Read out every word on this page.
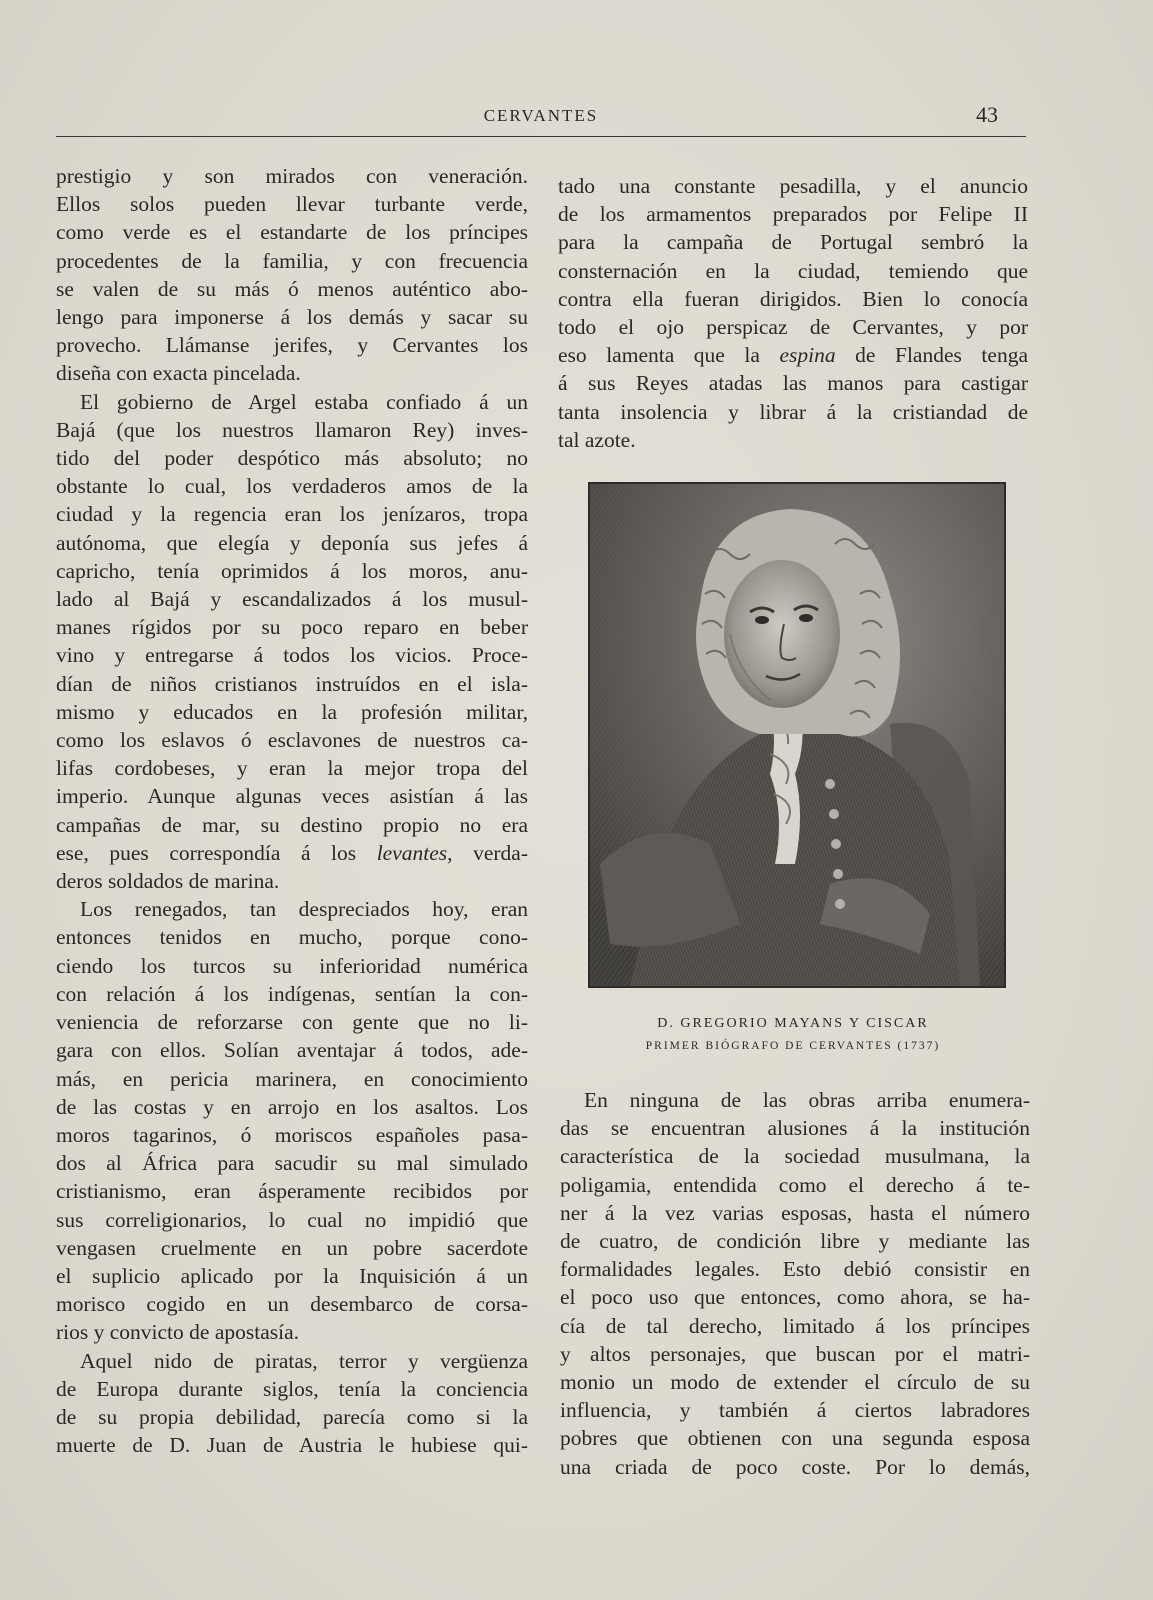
CERVANTES	43
prestigio y son mirados con veneración.
Ellos solos pueden llevar turbante verde,
como verde es el estandarte de los príncipes
procedentes de la familia, y con frecuencia
se valen de su más ó menos auténtico abo-
lengo para imponerse á los demás y sacar su
provecho. Llámanse jerifes, y Cervantes los
diseña con exacta pincelada.
El gobierno de Argel estaba confiado á un
Bajá (que los nuestros llamaron Rey) inves-
tido del poder despótico más absoluto; no
obstante lo cual, los verdaderos amos de la
ciudad y la regencia eran los jenízaros, tropa
autónoma, que elegía y deponía sus jefes á
capricho, tenía oprimidos á los moros, anu-
lado al Bajá y escandalizados á los musul-
manes rígidos por su poco reparo en beber
vino y entregarse á todos los vicios. Proce-
dían de niños cristianos instruídos en el isla-
mismo y educados en la profesión militar,
como los eslavos ó esclavones de nuestros ca-
lifas cordobeses, y eran la mejor tropa del
imperio. Aunque algunas veces asistían á las
campañas de mar, su destino propio no era
ese, pues correspondía á los levantes, verda-
deros soldados de marina.
Los renegados, tan despreciados hoy, eran
entonces tenidos en mucho, porque cono-
ciendo los turcos su inferioridad numérica
con relación á los indígenas, sentían la con-
veniencia de reforzarse con gente que no li-
gara con ellos. Solían aventajar á todos, ade-
más, en pericia marinera, en conocimiento
de las costas y en arrojo en los asaltos. Los
moros tagarinos, ó moriscos españoles pasa-
dos al África para sacudir su mal simulado
cristianismo, eran ásperamente recibidos por
sus correligionarios, lo cual no impidió que
vengasen cruelmente en un pobre sacerdote
el suplicio aplicado por la Inquisición á un
morisco cogido en un desembarco de corsa-
rios y convicto de apostasía.
Aquel nido de piratas, terror y vergüenza
de Europa durante siglos, tenía la conciencia
de su propia debilidad, parecía como si la
muerte de D. Juan de Austria le hubiese qui-
tado una constante pesadilla, y el anuncio
de los armamentos preparados por Felipe II
para la campaña de Portugal sembró la
consternación en la ciudad, temiendo que
contra ella fueran dirigidos. Bien lo conocía
todo el ojo perspicaz de Cervantes, y por
eso lamenta que la espina de Flandes tenga
á sus Reyes atadas las manos para castigar
tanta insolencia y librar á la cristiandad de
tal azote.
D. GREGORIO MAYANS Y CISCAR
PRIMER BIÓGRAFO DE CERVANTES (1737)
En ninguna de las obras arriba enumera-
das se encuentran alusiones á la institución
característica de la sociedad musulmana, la
poligamia, entendida como el derecho á te-
ner á la vez varias esposas, hasta el número
de cuatro, de condición libre y mediante las
formalidades legales. Esto debió consistir en
el poco uso que entonces, como ahora, se ha-
cía de tal derecho, limitado á los príncipes
y altos personajes, que buscan por el matri-
monio un modo de extender el círculo de su
influencia, y también á ciertos labradores
pobres que obtienen con una segunda esposa
una criada de poco coste. Por lo demás,
